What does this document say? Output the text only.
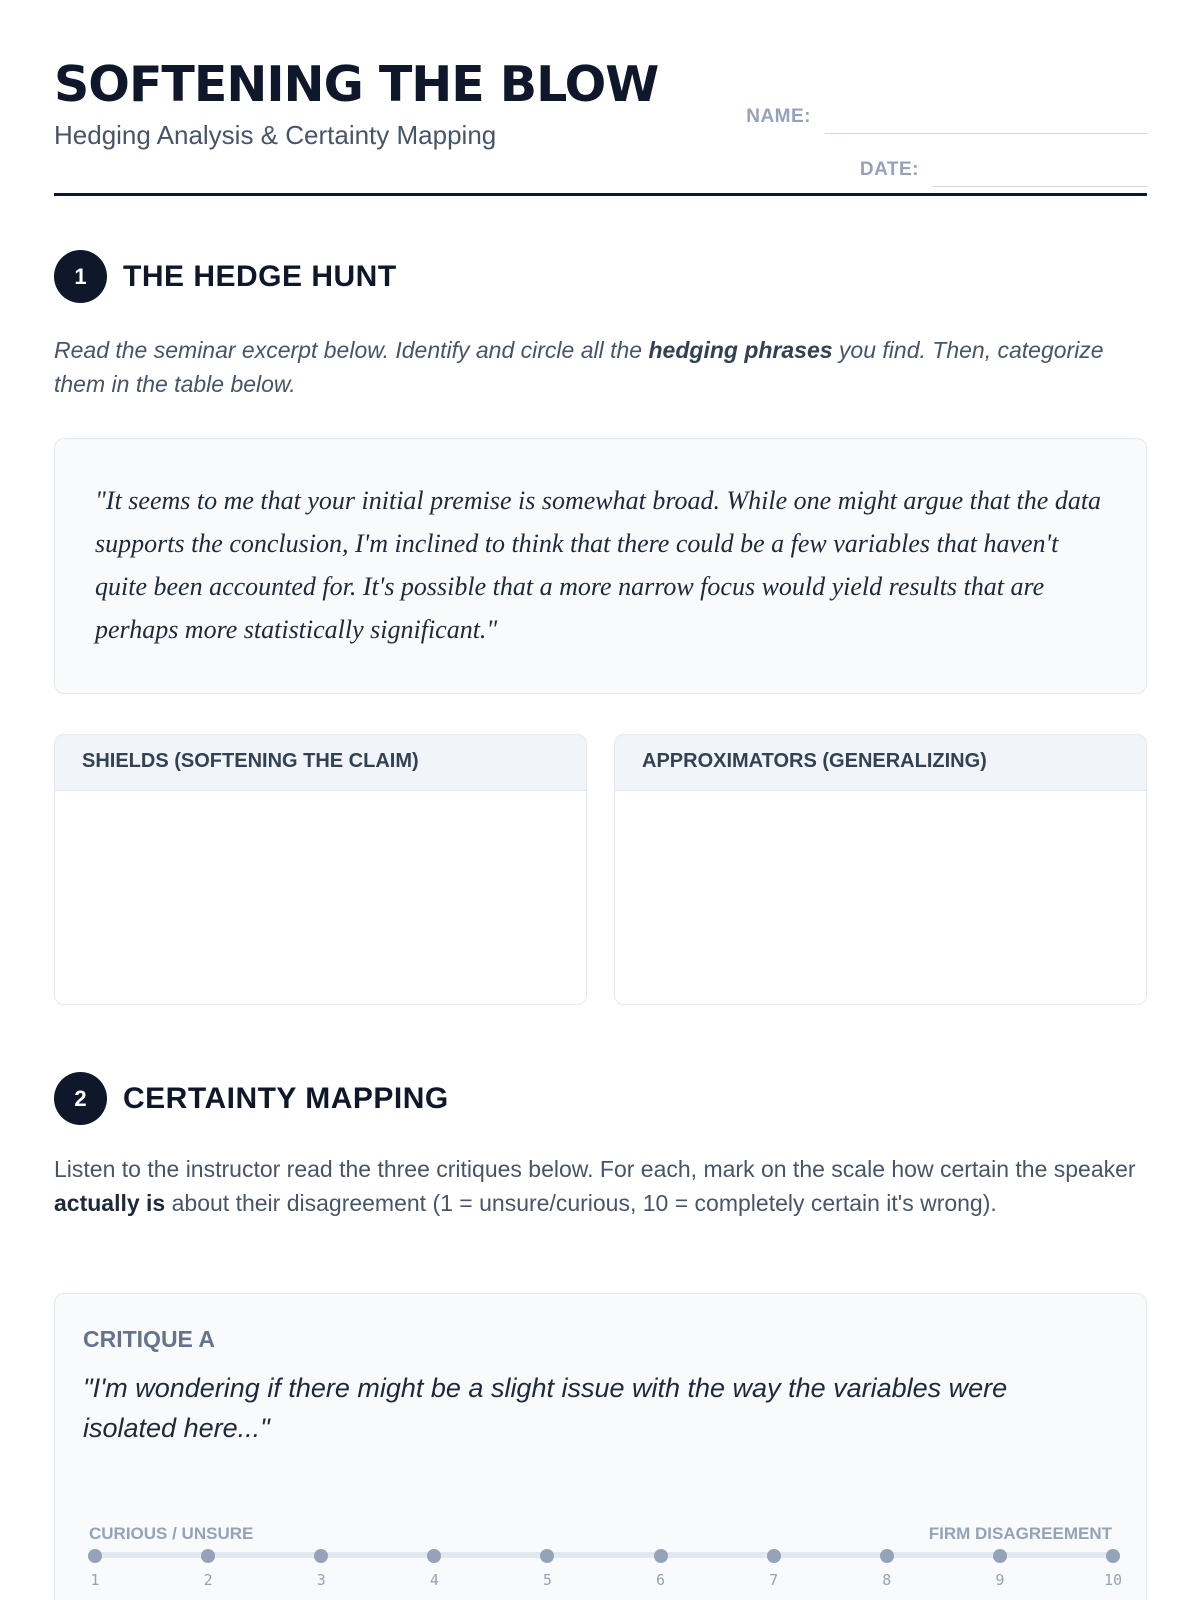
SOFTENING THE BLOW
Hedging Analysis & Certainty Mapping
NAME:
DATE:
1	THE HEDGE HUNT
Read the seminar excerpt below. Identify and circle all the hedging phrases you find. Then, categorize them in the table below.
"It seems to me that your initial premise is somewhat broad. While one might argue that the data supports the conclusion, I'm inclined to think that there could be a few variables that haven't quite been accounted for. It's possible that a more narrow focus would yield results that are perhaps more statistically significant."
SHIELDS (SOFTENING THE CLAIM)	APPROXIMATORS (GENERALIZING)
2	CERTAINTY MAPPING
Listen to the instructor read the three critiques below. For each, mark on the scale how certain the speaker actually is about their disagreement (1 = unsure/curious, 10 = completely certain it's wrong).
CRITIQUE A
"I'm wondering if there might be a slight issue with the way the variables were isolated here..."
CURIOUS / UNSURE	FIRM DISAGREEMENT
1	2	3	4	5	6	7	8	9	10
